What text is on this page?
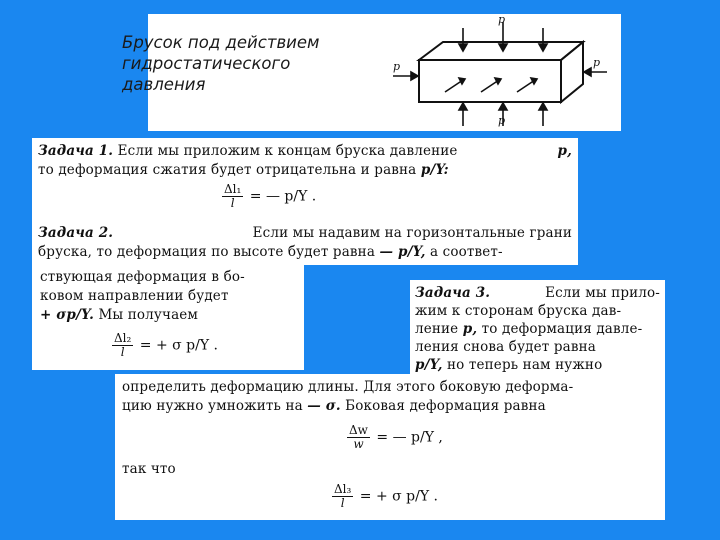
Брусок под действием
гидростатического
давления
p
p	p
p
Задача 1. Если мы приложим к концам бруска давление	p,
то деформация сжатия будет отрицательна и равна p/Y:
$\frac{\text{Δl₁}}{l}$ = — p/Y .
Задача 2.	Если мы надавим на горизонтальные грани
бруска, то деформация по высоте будет равна — p/Y, а соответ-
ствующая деформация в бо-
ковом направлении будет
+ σp/Y. Мы получаем
$\frac{\text{Δl₂}}{l}$ = + σ p/Y .
Задача 3.	Если мы прило-
жим к сторонам бруска дав-
ление p, то деформация давле-
ления снова будет равна
p/Y, но теперь нам нужно
определить деформацию длины. Для этого боковую деформа-
цию нужно умножить на — σ. Боковая деформация равна
$\frac{\Delta w}{w}$ = — p/Y ,
так что
$\frac{\text{Δl₃}}{l}$ = + σ p/Y .
